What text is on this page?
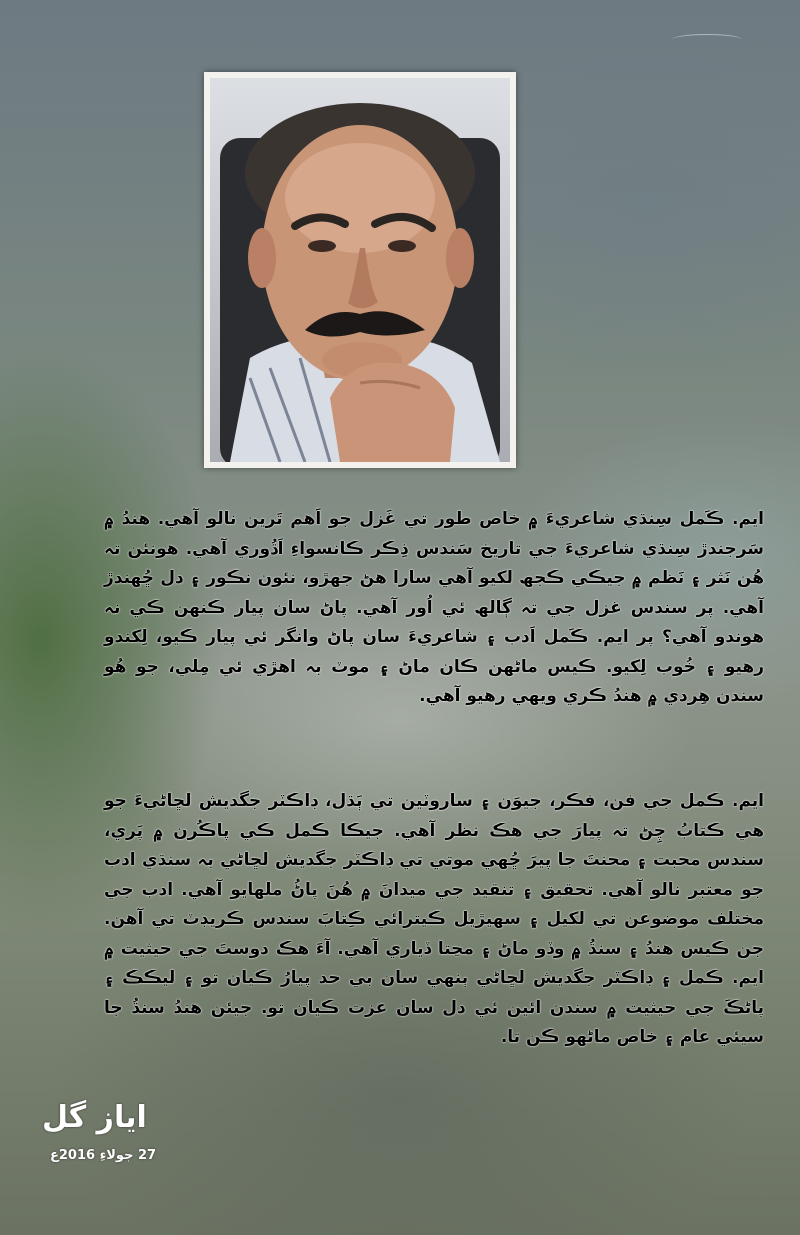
ايم. ڪَمل سِنڌي شاعريءَ ۾ خاص طور تي غَزل جو اَهم تَرين نالو آهي. هندُ ۾ سَرجندڙ سِنڌي شاعريءَ جي تاريخ سَندس ذِڪر ڪانسواءِ اَڌُوري آهي. هونئن تہ هُن نَثر ۽ نَظم ۾ جيڪي ڪجھ لکيو آهي سارا هڻ جهڙو، نئون نڪور ۽ دل ڇُهندڙ آهي. پر سندس غزل جي تہ ڳالھ ئي اُور آهي. پاڻ سان پيار ڪنهن ڪي نہ هوندو آهي؟ پر ايم. ڪَمل اَدب ۽ شاعريءَ سان پاڻ وانگر ئي پيار ڪيو، لِکندو رهيو ۽ خُوب لِکيو. ڪيس ماڻهن ڪان ماڻ ۽ موٽ بہ اهڙي ئي مِلي، جو هُو سندن هِردي ۾ هندُ ڪري ويهي رهيو آهي.

ايم. ڪمل جي فن، فڪر، جيوَن ۽ ساروٽين تي ٻَڌل، ڊاڪٽر جگديش لڇاڻيءَ جو هي ڪتابُ چِڻ تہ پيارَ جي هڪ نظر آهي. جيڪا ڪمل ڪي پاڪُرن ۾ پَري، سندس محبت ۽ محنتَ جا پيرَ ڇُهي موتي تي ڊاڪٽر جگديش لڇاڻي بہ سنڌي ادب جو معتبر نالو آهي. تحقيق ۽ تنقيد جي ميدانَ ۾ هُنَ پاڻُ ملهايو آهي. ادب جي مختلف موضوعن تي لکيل ۽ سهيڙيل ڪيترائي ڪِتابَ سندس ڪريڊٽ تي آهن. جن ڪيس هندُ ۽ سنڌُ ۾ وڏو ماڻ ۽ مڃتا ڏياري آهي. آءَ هڪ دوستَ جي حيثيت ۾ ايم. ڪمل ۽ ڊاڪٽر جگديش لڇاڻي ٻنهي سان بي حد پيارُ ڪيان تو ۽ ليڪڪ ۽ پاڻڪَ جي حيثيت ۾ سندن ائين ئي دل سان عزت ڪيان تو. جيئن هندُ سنڌُ جا سيئي عام ۽ خاص ماڻهو ڪن تا.

اياز گل
27 جولاءِ 2016ع
